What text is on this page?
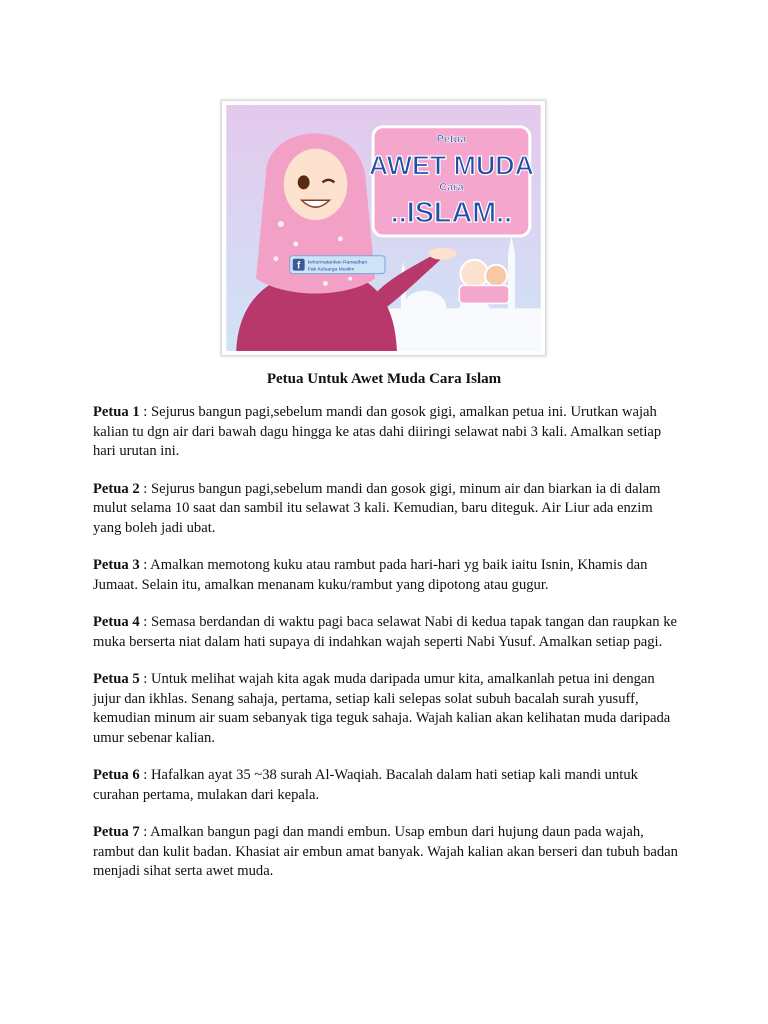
f kehormatankan Ramadhan
Pak Keluarga Muslim
Petua
AWET MUDA
Cara
..ISLAM..
Petua Untuk Awet Muda Cara Islam

Petua 1 : Sejurus bangun pagi,sebelum mandi dan gosok gigi, amalkan petua ini. Urutkan wajah kalian tu dgn air dari bawah dagu hingga ke atas dahi diiringi selawat nabi 3 kali. Amalkan setiap hari urutan ini.

Petua 2 : Sejurus bangun pagi,sebelum mandi dan gosok gigi, minum air dan biarkan ia di dalam mulut selama 10 saat dan sambil itu selawat 3 kali. Kemudian, baru diteguk. Air Liur ada enzim yang boleh jadi ubat.

Petua 3 : Amalkan memotong kuku atau rambut pada hari-hari yg baik iaitu Isnin, Khamis dan Jumaat. Selain itu, amalkan menanam kuku/rambut yang dipotong atau gugur.

Petua 4 : Semasa berdandan di waktu pagi baca selawat Nabi di kedua tapak tangan dan raupkan ke muka berserta niat dalam hati supaya di indahkan wajah seperti Nabi Yusuf. Amalkan setiap pagi.

Petua 5 : Untuk melihat wajah kita agak muda daripada umur kita, amalkanlah petua ini dengan jujur dan ikhlas. Senang sahaja, pertama, setiap kali selepas solat subuh bacalah surah yusuff, kemudian minum air suam sebanyak tiga teguk sahaja. Wajah kalian akan kelihatan muda daripada umur sebenar kalian.

Petua 6 : Hafalkan ayat 35 ~38 surah Al-Waqiah. Bacalah dalam hati setiap kali mandi untuk curahan pertama, mulakan dari kepala.

Petua 7 : Amalkan bangun pagi dan mandi embun. Usap embun dari hujung daun pada wajah, rambut dan kulit badan. Khasiat air embun amat banyak. Wajah kalian akan berseri dan tubuh badan menjadi sihat serta awet muda.
